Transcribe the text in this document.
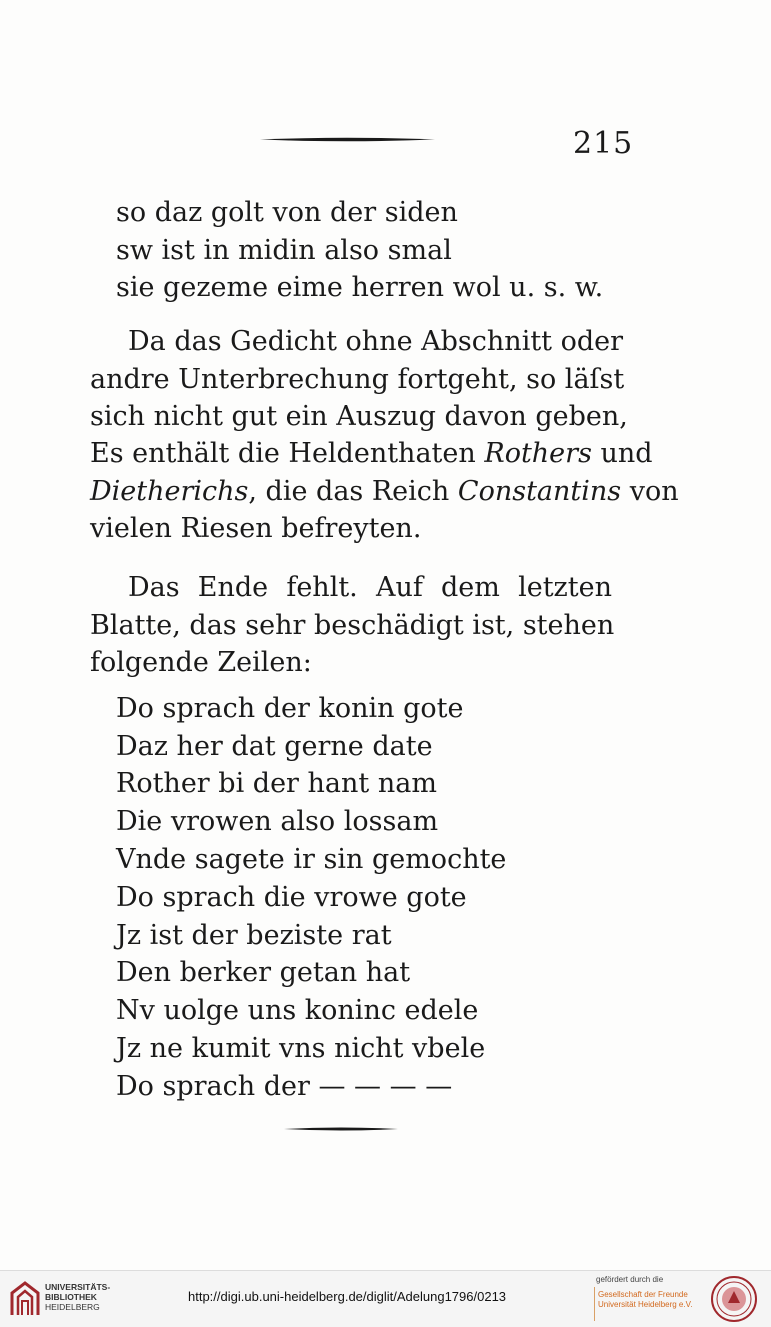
215
so daz golt von der siden
sw ist in midin also smal
sie gezeme eime herren wol u. s. w.
Da das Gedicht ohne Abschnitt oder
andre Unterbrechung fortgeht, so läſst
sich nicht gut ein Auszug davon geben,
Es enthält die Heldenthaten Rothers und
Dietherichs, die das Reich Constantins von
vielen Riesen befreyten.
Das Ende fehlt. Auf dem letzten
Blatte, das sehr beschädigt ist, stehen
folgende Zeilen:
Do sprach der konin gote
Daz her dat gerne date
Rother bi der hant nam
Die vrowen also lossam
Vnde sagete ir sin gemochte
Do sprach die vrowe gote
Jz ist der beziste rat
Den berker getan hat
Nv uolge uns koninc edele
Jz ne kumit vns nicht vbele
Do sprach der — — — —
UNIVERSITÄTS-
BIBLIOTHEK
HEIDELBERG
http://digi.ub.uni-heidelberg.de/diglit/Adelung1796/0213
gefördert durch die
Gesellschaft der Freunde
Universität Heidelberg e.V.
